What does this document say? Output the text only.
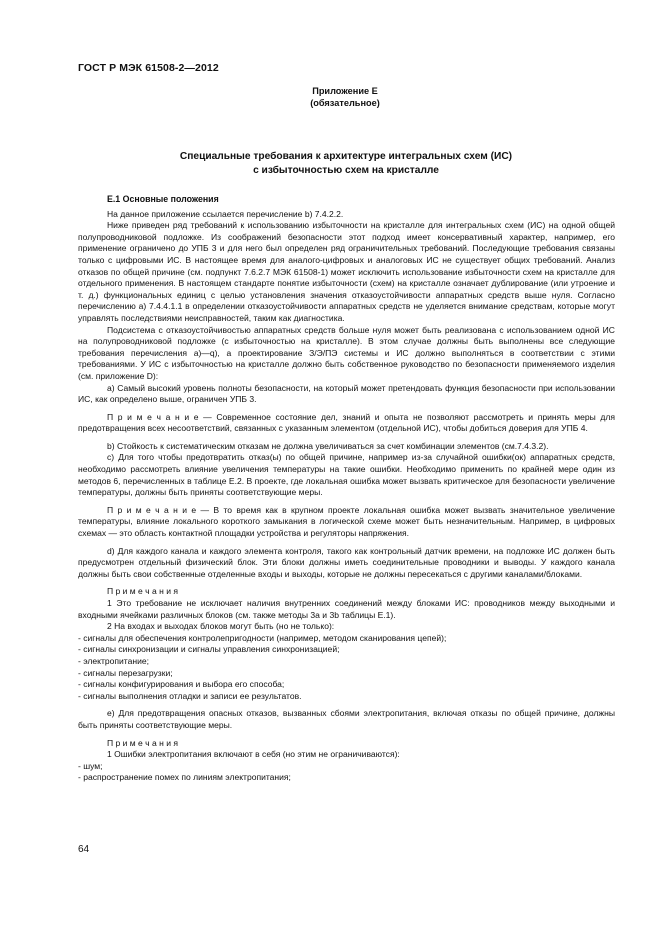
ГОСТ Р МЭК 61508-2—2012
Приложение Е
(обязательное)
Специальные требования к архитектуре интегральных схем (ИС)
с избыточностью схем на кристалле

Е.1 Основные положения

На данное приложение ссылается перечисление b) 7.4.2.2.

Ниже приведен ряд требований к использованию избыточности на кристалле для интегральных схем (ИС) на одной общей полупроводниковой подложке. Из соображений безопасности этот подход имеет консервативный характер, например, его применение ограничено до УПБ 3 и для него был определен ряд ограничительных требований. Последующие требования связаны только с цифровыми ИС. В настоящее время для аналого-цифровых и аналоговых ИС не существует общих требований. Анализ отказов по общей причине (см. подпункт 7.6.2.7 МЭК 61508-1) может исключить использование избыточности схем на кристалле для отдельного применения. В настоящем стандарте понятие избыточности (схем) на кристалле означает дублирование (или утроение и т. д.) функциональных единиц с целью установления значения отказоустойчивости аппаратных средств выше нуля. Согласно перечислению а) 7.4.4.1.1 в определении отказоустойчивости аппаратных средств не уделяется внимание средствам, которые могут управлять последствиями неисправностей, таким как диагностика.

Подсистема с отказоустойчивостью аппаратных средств больше нуля может быть реализована с использованием одной ИС на полупроводниковой подложке (с избыточностью на кристалле). В этом случае должны быть выполнены все следующие требования перечисления а)—q), а проектирование З/Э/ПЭ системы и ИС должно выполняться в соответствии с этими требованиями. У ИС с избыточностью на кристалле должно быть собственное руководство по безопасности применяемого изделия (см. приложение D):

а) Самый высокий уровень полноты безопасности, на который может претендовать функция безопасности при использовании ИС, как определено выше, ограничен УПБ 3.

П р и м е ч а н и е — Современное состояние дел, знаний и опыта не позволяют рассмотреть и принять меры для предотвращения всех несоответствий, связанных с указанным элементом (отдельной ИС), чтобы добиться доверия для УПБ 4.

b) Стойкость к систематическим отказам не должна увеличиваться за счет комбинации элементов (см.7.4.3.2).

с) Для того чтобы предотвратить отказ(ы) по общей причине, например из-за случайной ошибки(ок) аппаратных средств, необходимо рассмотреть влияние увеличения температуры на такие ошибки. Необходимо применить по крайней мере один из методов 6, перечисленных в таблице Е.2. В проекте, где локальная ошибка может вызвать критическое для безопасности увеличение температуры, должны быть приняты соответствующие меры.

П р и м е ч а н и е — В то время как в крупном проекте локальная ошибка может вызвать значительное увеличение температуры, влияние локального короткого замыкания в логической схеме может быть незначительным. Например, в цифровых схемах — это область контактной площадки устройства и регуляторы напряжения.

d) Для каждого канала и каждого элемента контроля, такого как контрольный датчик времени, на подложке ИС должен быть предусмотрен отдельный физический блок. Эти блоки должны иметь соединительные проводники и выводы. У каждого канала должны быть свои собственные отделенные входы и выходы, которые не должны пересекаться с другими каналами/блоками.

П р и м е ч а н и я

1 Это требование не исключает наличия внутренних соединений между блоками ИС: проводников между выходными и входными ячейками различных блоков (см. также методы 3а и 3b таблицы Е.1).

2 На входах и выходах блоков могут быть (но не только):

- сигналы для обеспечения контролепригодности (например, методом сканирования цепей);

- сигналы синхронизации и сигналы управления синхронизацией;

- электропитание;

- сигналы перезагрузки;

- сигналы конфигурирования и выбора его способа;

- сигналы выполнения отладки и записи ее результатов.

е) Для предотвращения опасных отказов, вызванных сбоями электропитания, включая отказы по общей причине, должны быть приняты соответствующие меры.

П р и м е ч а н и я

1 Ошибки электропитания включают в себя (но этим не ограничиваются):

- шум;

- распространение помех по линиям электропитания;

64
